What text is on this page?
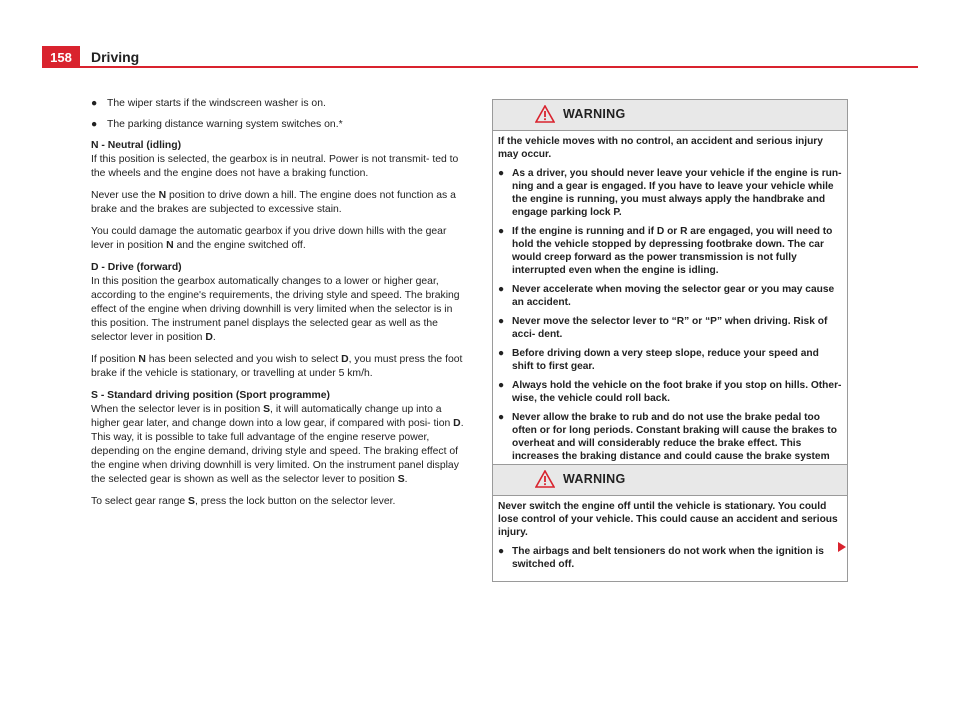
158	Driving
● The wiper starts if the windscreen washer is on.
● The parking distance warning system switches on.*

N - Neutral (idling)

If this position is selected, the gearbox is in neutral. Power is not transmit- ted to the wheels and the engine does not have a braking function.

Never use the N position to drive down a hill. The engine does not function as a brake and the brakes are subjected to excessive stain.

You could damage the automatic gearbox if you drive down hills with the gear lever in position N and the engine switched off.

D - Drive (forward)

In this position the gearbox automatically changes to a lower or higher gear, according to the engine's requirements, the driving style and speed. The braking effect of the engine when driving downhill is very limited when the selector is in this position. The instrument panel displays the selected gear as well as the selector lever in position D.

If position N has been selected and you wish to select D, you must press the foot brake if the vehicle is stationary, or travelling at under 5 km/h.

S - Standard driving position (Sport programme)

When the selector lever is in position S, it will automatically change up into a higher gear later, and change down into a low gear, if compared with posi- tion D. This way, it is possible to take full advantage of the engine reserve power, depending on the engine demand, driving style and speed. The braking effect of the engine when driving downhill is very limited. On the instrument panel display the selected gear is shown as well as the selector lever to position S.

To select gear range S, press the lock button on the selector lever.

WARNING

If the vehicle moves with no control, an accident and serious injury may occur.

● As a driver, you should never leave your vehicle if the engine is run- ning and a gear is engaged. If you have to leave your vehicle while the engine is running, you must always apply the handbrake and engage parking lock P.
● If the engine is running and if D or R are engaged, you will need to hold the vehicle stopped by depressing footbrake down. The car would creep forward as the power transmission is not fully interrupted even when the engine is idling.
● Never accelerate when moving the selector gear or you may cause an accident.
● Never move the selector lever to “R” or “P” when driving. Risk of acci- dent.
● Before driving down a very steep slope, reduce your speed and shift to first gear.
● Always hold the vehicle on the foot brake if you stop on hills. Other- wise, the vehicle could roll back.
● Never allow the brake to rub and do not use the brake pedal too often or for long periods. Constant braking will cause the brakes to overheat and will considerably reduce the brake effect. This increases the braking distance and could cause the brake system
WARNING

Never switch the engine off until the vehicle is stationary. You could lose control of your vehicle. This could cause an accident and serious injury.

● The airbags and belt tensioners do not work when the ignition is switched off.
